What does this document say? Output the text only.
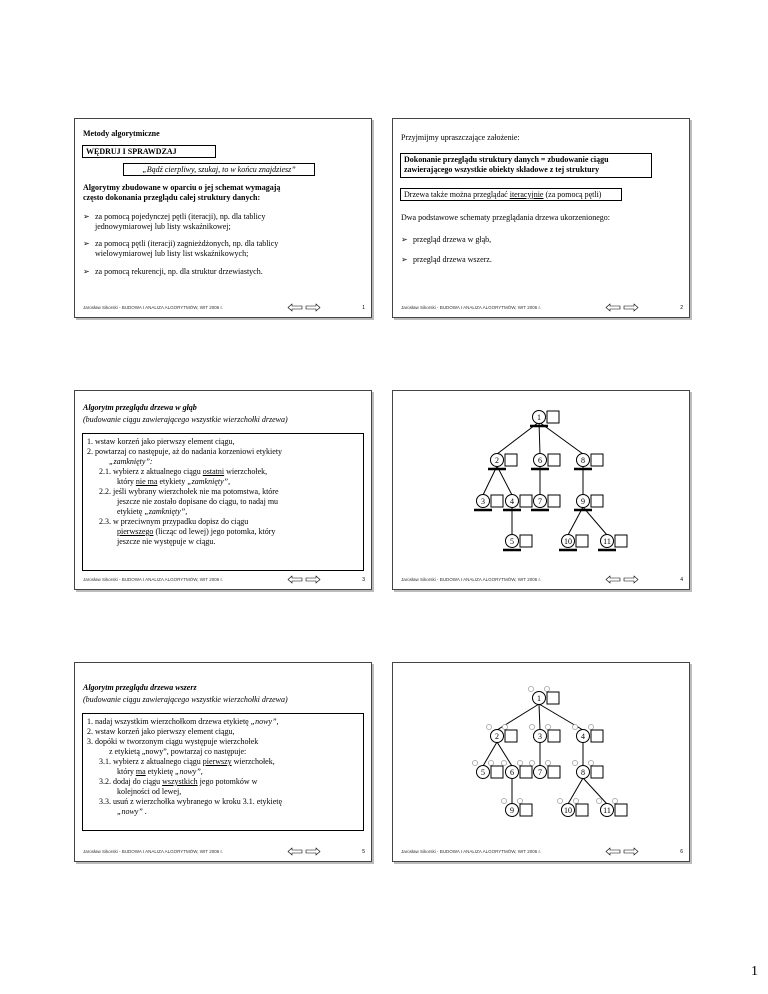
Metody algorytmiczne
WĘDRUJ I SPRAWDZAJ
„Bądź cierpliwy, szukaj, to w końcu znajdziesz”
Algorytmy zbudowane w oparciu o jej schemat wymagają
często dokonania przeglądu całej struktury danych:
➢ za pomocą pojedynczej pętli (iteracji), np. dla tablicy
jednowymiarowej lub listy wskaźnikowej;
➢ za pomocą pętli (iteracji) zagnieżdżonych, np. dla tablicy
wielowymiarowej lub listy list wskaźnikowych;
➢ za pomocą rekurencji, np. dla struktur drzewiastych.
Jarosław Sikorski - BUDOWA I ANALIZA ALGORYTMÓW, WIT 2006 r.	1
Przyjmijmy upraszczające założenie:
Dokonanie przeglądu struktury danych = zbudowanie ciągu
zawierającego wszystkie obiekty składowe z tej struktury
Drzewa także można przeglądać iteracyjnie (za pomocą pętli)
Dwa podstawowe schematy przeglądania drzewa ukorzenionego:
➢ przegląd drzewa w głąb,
➢ przegląd drzewa wszerz.
Jarosław Sikorski - BUDOWA I ANALIZA ALGORYTMÓW, WIT 2006 r.	2
Algorytm przeglądu drzewa w głąb
(budowanie ciągu zawierającego wszystkie wierzchołki drzewa)
1. wstaw korzeń jako pierwszy element ciągu,
2. powtarzaj co następuje, aż do nadania korzeniowi etykiety
„zamknięty”:
2.1. wybierz z aktualnego ciągu ostatni wierzchołek,
który nie ma etykiety „zamknięty”,
2.2. jeśli wybrany wierzchołek nie ma potomstwa, które
jeszcze nie zostało dopisane do ciągu, to nadaj mu
etykietę „zamknięty”,
2.3. w przeciwnym przypadku dopisz do ciągu
pierwszego (licząc od lewej) jego potomka, który
jeszcze nie występuje w ciągu.
Jarosław Sikorski - BUDOWA I ANALIZA ALGORYTMÓW, WIT 2006 r.	3
1
2	6	8
3	4	7	9
5	10	11
Jarosław Sikorski - BUDOWA I ANALIZA ALGORYTMÓW, WIT 2006 r.	4
Algorytm przeglądu drzewa wszerz
(budowanie ciągu zawierającego wszystkie wierzchołki drzewa)
1. nadaj wszystkim wierzchołkom drzewa etykietę „nowy”,
2. wstaw korzeń jako pierwszy element ciągu,
3. dopóki w tworzonym ciągu występuje wierzchołek
z etykietą „nowy”, powtarzaj co następuje:
3.1. wybierz z aktualnego ciągu pierwszy wierzchołek,
który ma etykietę „nowy”,
3.2. dodaj do ciągu wszystkich jego potomków w
kolejności od lewej,
3.3. usuń z wierzchołka wybranego w kroku 3.1. etykietę
„nowy” .
Jarosław Sikorski - BUDOWA I ANALIZA ALGORYTMÓW, WIT 2006 r.	5
1
2	3	4
5	6	7	8
9	10	11
Jarosław Sikorski - BUDOWA I ANALIZA ALGORYTMÓW, WIT 2006 r.	6
1
